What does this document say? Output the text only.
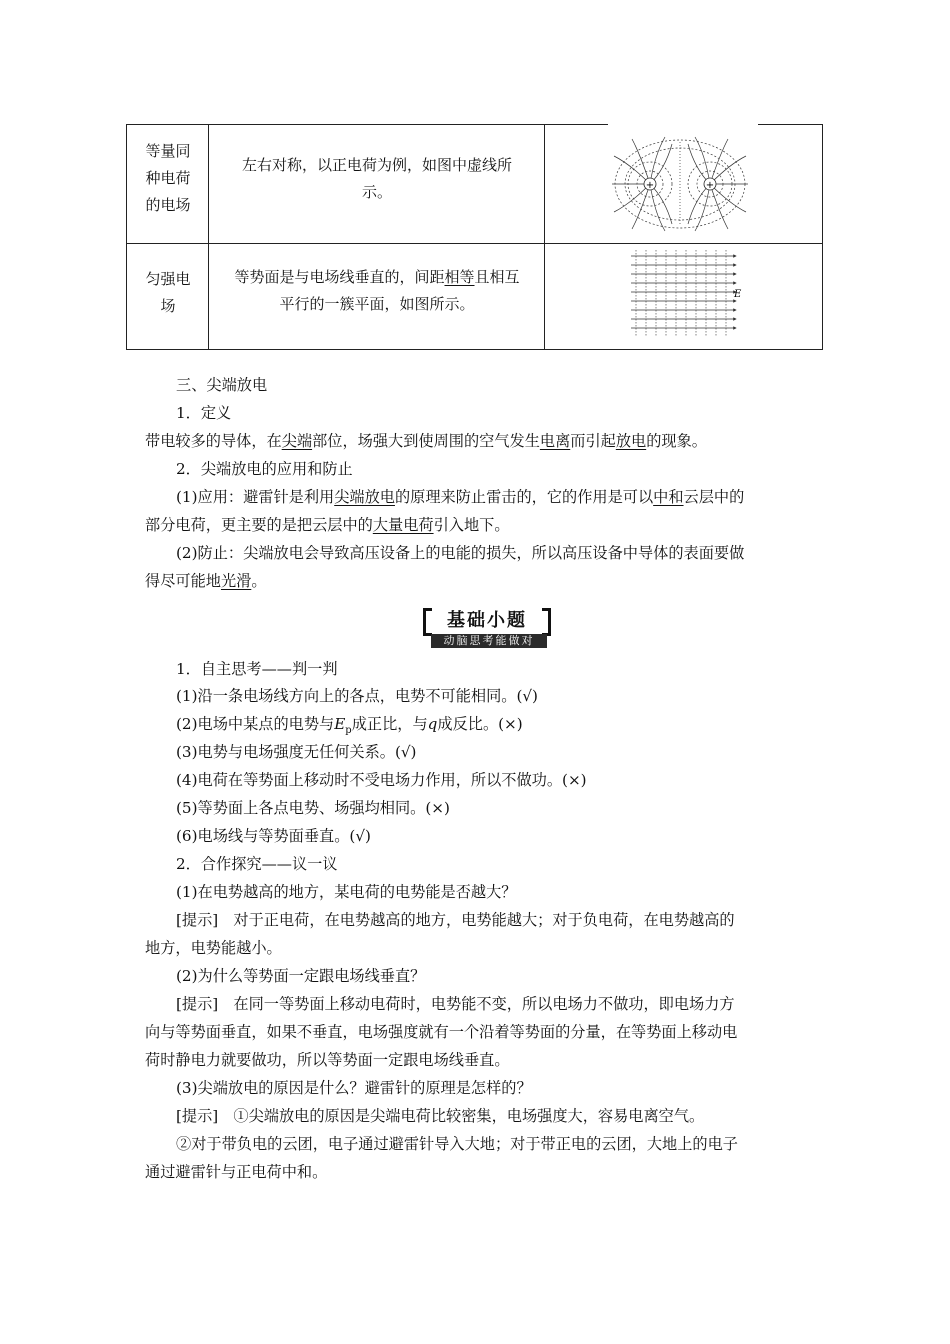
等量同
种电荷
的电场
左右对称，以正电荷为例，如图中虚线所
示。	+	+
匀强电
场
等势面是与电场线垂直的，间距相等且相互
平行的一簇平面，如图所示。
E
三、尖端放电
1．定义
带电较多的导体，在尖端部位，场强大到使周围的空气发生电离而引起放电的现象。
2．尖端放电的应用和防止
(1)应用：避雷针是利用尖端放电的原理来防止雷击的，它的作用是可以中和云层中的
部分电荷，更主要的是把云层中的大量电荷引入地下。
(2)防止：尖端放电会导致高压设备上的电能的损失，所以高压设备中导体的表面要做
得尽可能地光滑。
基础小题
动脑思考能做对
1．自主思考——判一判
(1)沿一条电场线方向上的各点，电势不可能相同。(√)
(2)电场中某点的电势与$E_p$成正比，与q成反比。(×)
(3)电势与电场强度无任何关系。(√)
(4)电荷在等势面上移动时不受电场力作用，所以不做功。(×)
(5)等势面上各点电势、场强均相同。(×)
(6)电场线与等势面垂直。(√)
2．合作探究——议一议
(1)在电势越高的地方，某电荷的电势能是否越大？
[提示]　对于正电荷，在电势越高的地方，电势能越大；对于负电荷，在电势越高的
地方，电势能越小。
(2)为什么等势面一定跟电场线垂直？
[提示]　在同一等势面上移动电荷时，电势能不变，所以电场力不做功，即电场力方
向与等势面垂直，如果不垂直，电场强度就有一个沿着等势面的分量，在等势面上移动电
荷时静电力就要做功，所以等势面一定跟电场线垂直。
(3)尖端放电的原因是什么？避雷针的原理是怎样的？
[提示]　①尖端放电的原因是尖端电荷比较密集，电场强度大，容易电离空气。
②对于带负电的云团，电子通过避雷针导入大地；对于带正电的云团，大地上的电子
通过避雷针与正电荷中和。
